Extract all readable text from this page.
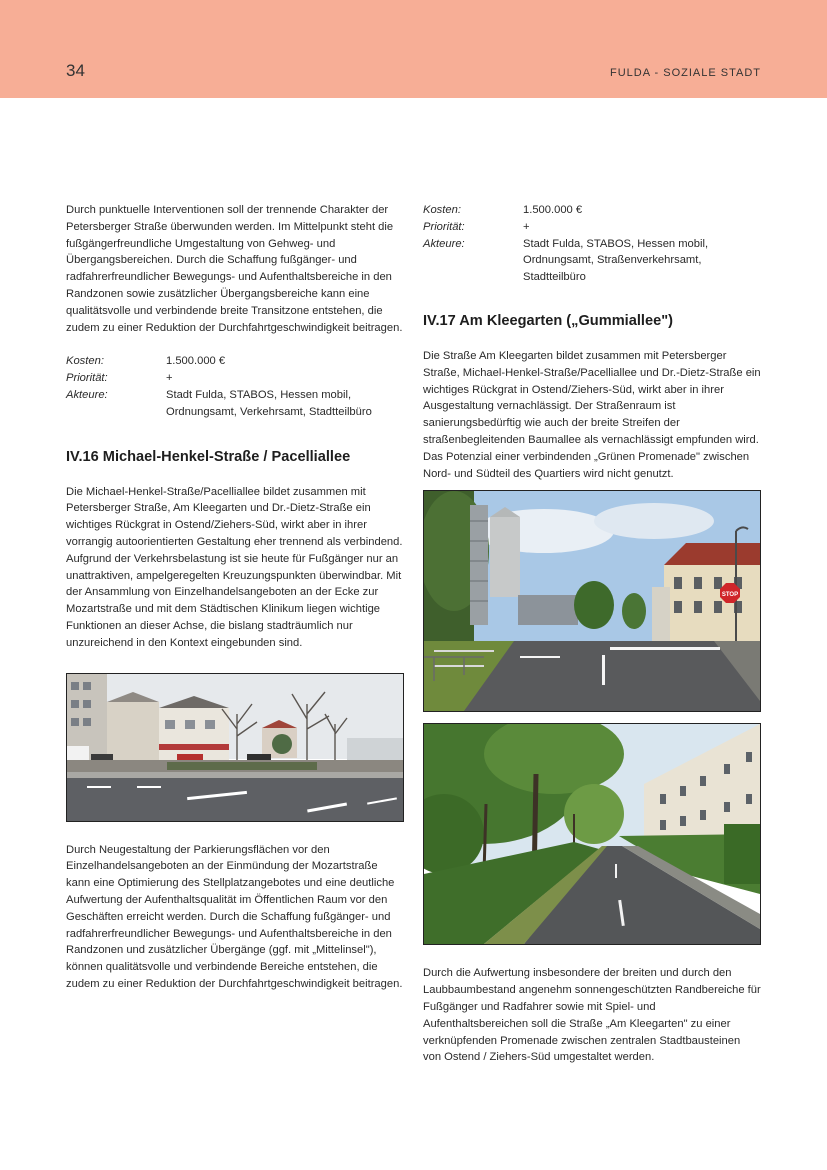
34	FULDA - SOZIALE STADT

Durch punktuelle Interventionen soll der trennende Charakter der Petersberger Straße überwunden werden. Im Mittelpunkt steht die fußgängerfreundliche Umgestaltung von Gehweg- und Übergangsbereichen. Durch die Schaffung fußgänger- und radfahrerfreundlicher Bewegungs- und Aufenthaltsbereiche in den Randzonen sowie zusätzlicher Übergangsbereiche kann eine qualitätsvolle und verbindende breite Transitzone entstehen, die zudem zu einer Reduktion der Durchfahrtgeschwindigkeit beitragen.

Kosten:	1.500.000 €
Priorität:	+
Akteure:	Stadt Fulda, STABOS, Hessen mobil, Ordnungsamt, Verkehrsamt, Stadtteilbüro
IV.16 Michael-Henkel-Straße / Pacelliallee

Die Michael-Henkel-Straße/Pacelliallee bildet zusammen mit Petersberger Straße, Am Kleegarten und Dr.-Dietz-Straße ein wichtiges Rückgrat in Ostend/Ziehers-Süd, wirkt aber in ihrer vorrangig autoorientierten Gestaltung eher trennend als verbindend. Aufgrund der Verkehrsbelastung ist sie heute für Fußgänger nur an unattraktiven, ampelgeregelten Kreuzungspunkten überwindbar. Mit der Ansammlung von Einzelhandelsangeboten an der Ecke zur Mozartstraße und mit dem Städtischen Klinikum liegen wichtige Funktionen an dieser Achse, die bislang stadträumlich nur unzureichend in den Kontext eingebunden sind.

Durch Neugestaltung der Parkierungsflächen vor den Einzelhandelsangeboten an der Einmündung der Mozartstraße kann eine Optimierung des Stellplatzangebotes und eine deutliche Aufwertung der Aufenthaltsqualität im Öffentlichen Raum vor den Geschäften erreicht werden. Durch die Schaffung fußgänger- und radfahrerfreundlicher Bewegungs- und Aufenthaltsbereiche in den Randzonen und zusätzlicher Übergänge (ggf. mit „Mittelinsel"), können qualitätsvolle und verbindende Bereiche entstehen, die zudem zu einer Reduktion der Durchfahrtgeschwindigkeit beitragen.

Kosten:	1.500.000 €
Priorität:	+
Akteure:	Stadt Fulda, STABOS, Hessen mobil, Ordnungsamt, Straßenverkehrsamt, Stadtteilbüro
IV.17 Am Kleegarten („Gummiallee")

Die Straße Am Kleegarten bildet zusammen mit Petersberger Straße, Michael-Henkel-Straße/Pacelliallee und Dr.-Dietz-Straße ein wichtiges Rückgrat in Ostend/Ziehers-Süd, wirkt aber in ihrer Ausgestaltung vernachlässigt. Der Straßenraum ist sanierungsbedürftig wie auch der breite Streifen der straßenbegleitenden Baumallee als vernachlässigt empfunden wird. Das Potenzial einer verbindenden „Grünen Promenade" zwischen Nord- und Südteil des Quartiers wird nicht genutzt.

STOP

Durch die Aufwertung insbesondere der breiten und durch den Laubbaumbestand angenehm sonnengeschützten Randbereiche für Fußgänger und Radfahrer sowie mit Spiel- und Aufenthaltsbereichen soll die Straße „Am Kleegarten" zu einer verknüpfenden Promenade zwischen zentralen Stadtbausteinen von Ostend / Ziehers-Süd umgestaltet werden.
